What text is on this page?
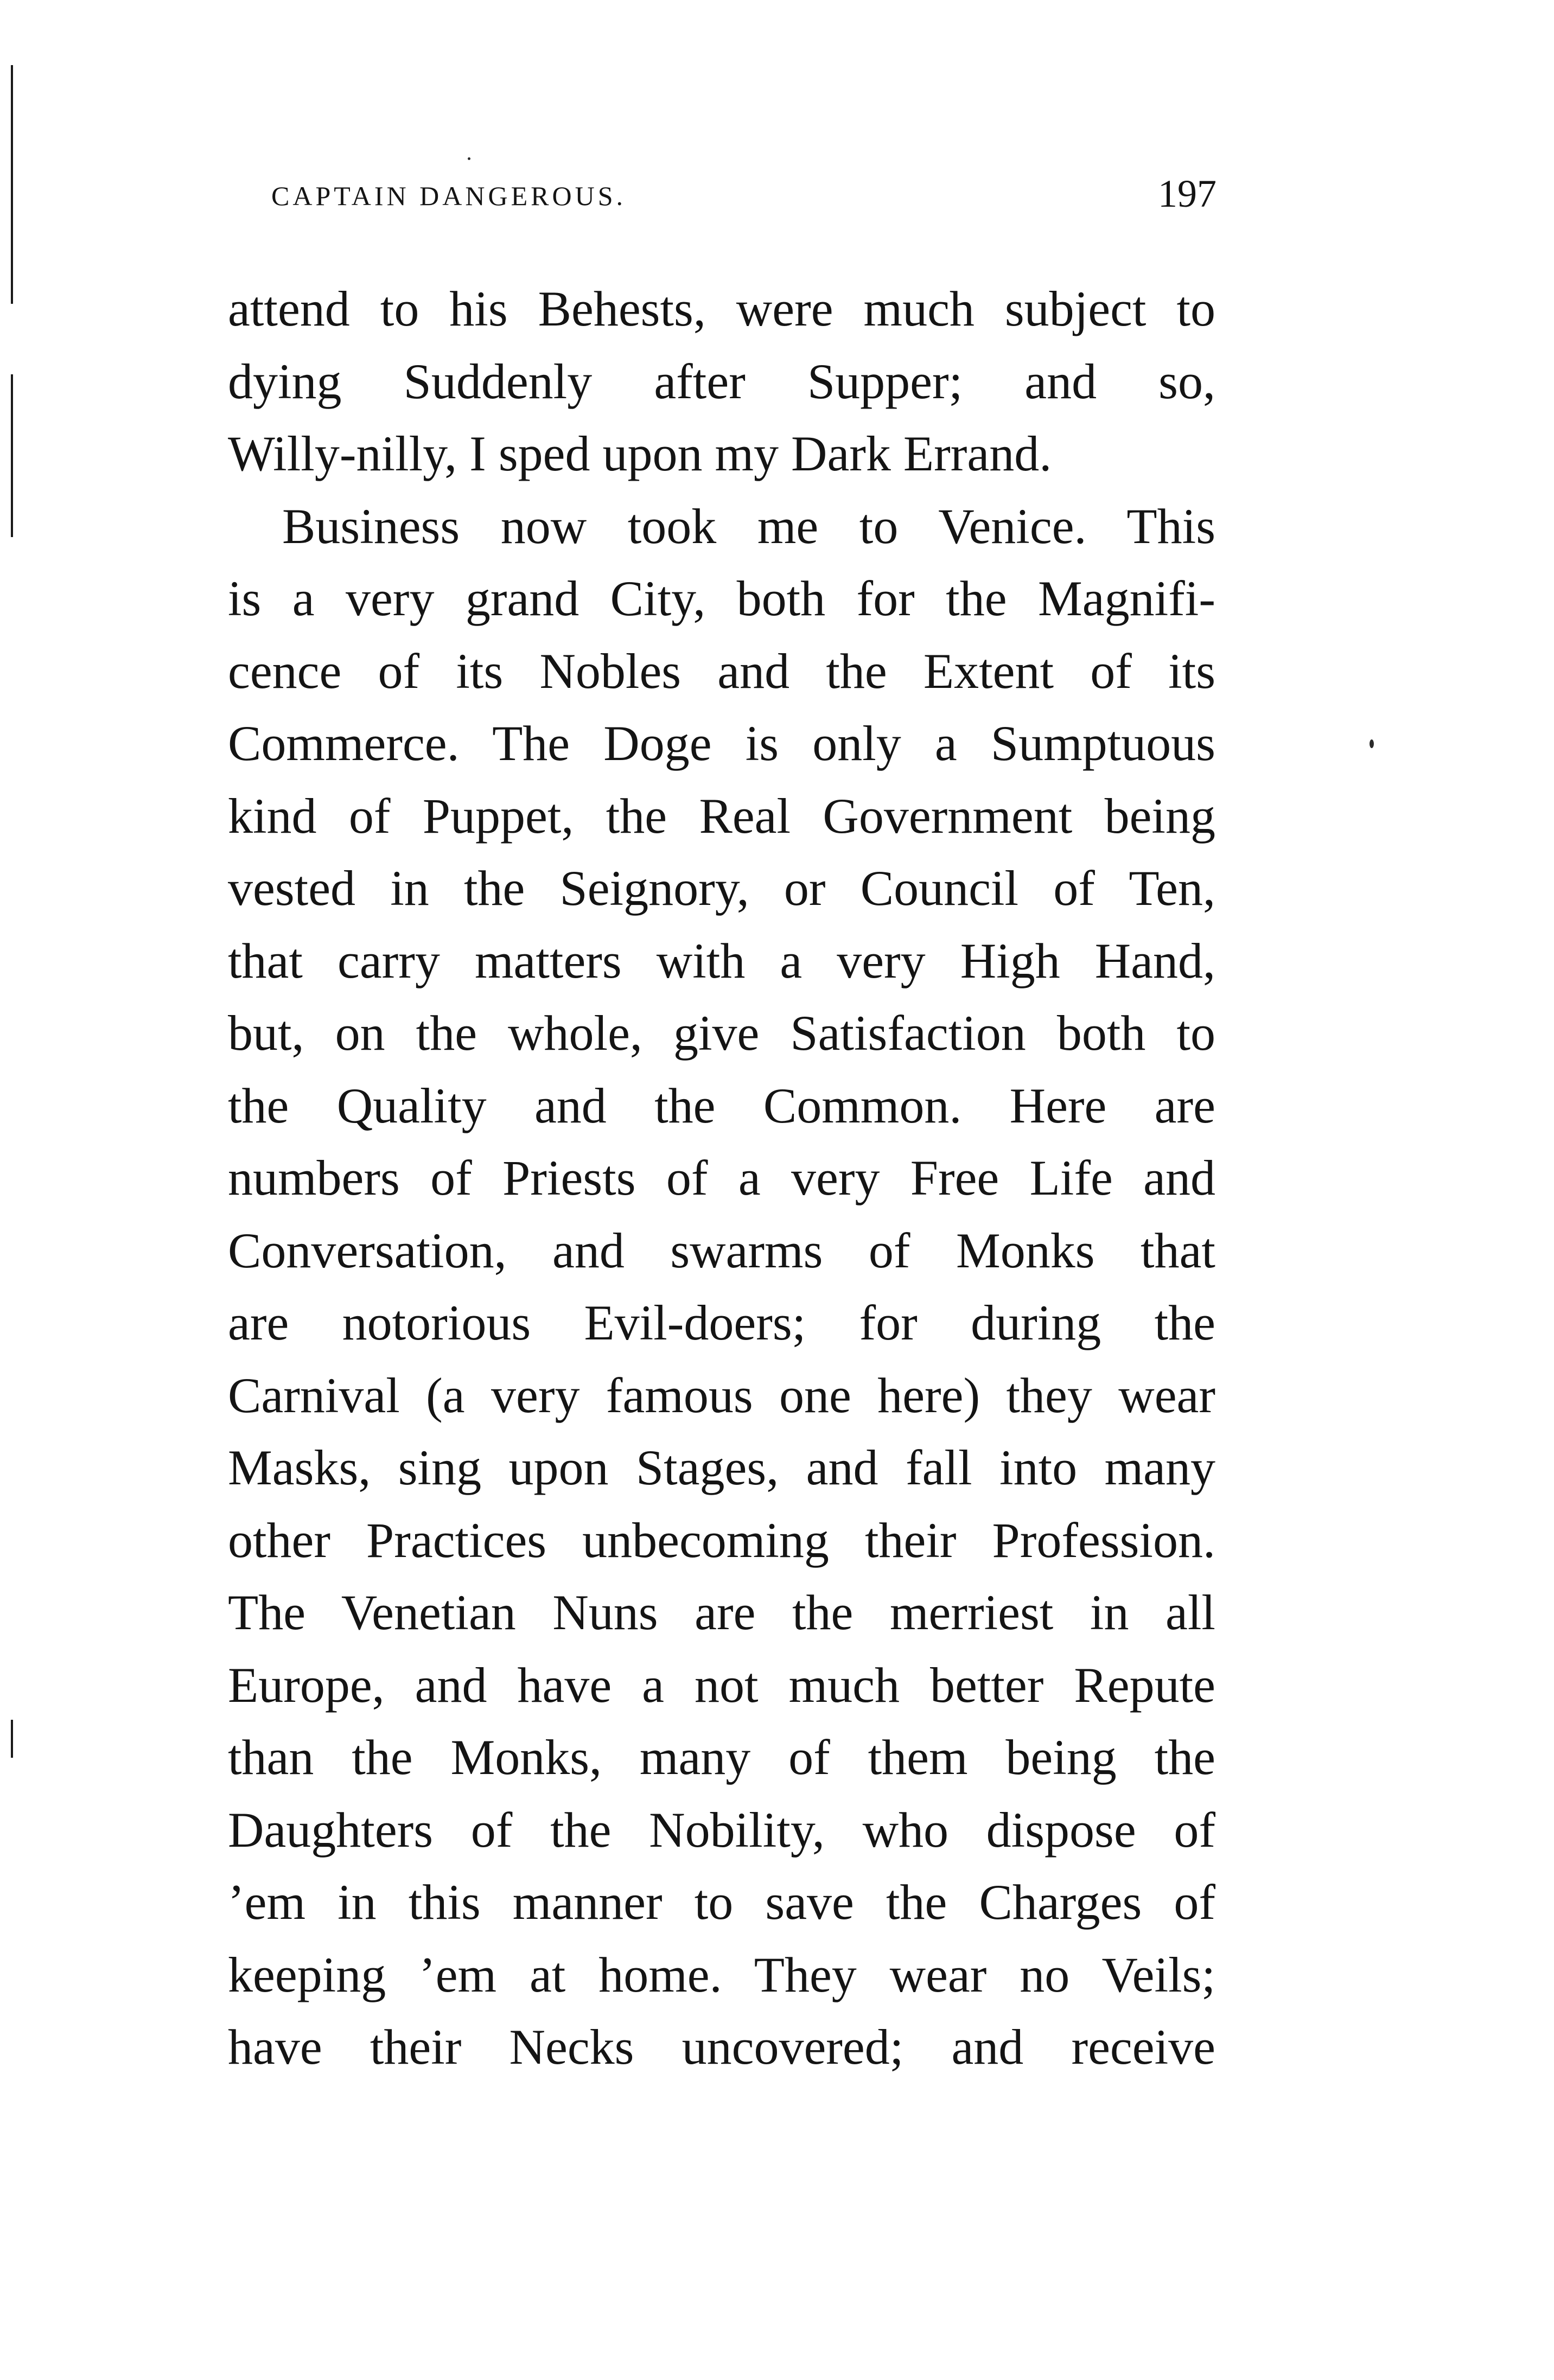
CAPTAIN DANGEROUS.	197
attend to his Behests, were much subject to
dying Suddenly after Supper; and so,
Willy-nilly, I sped upon my Dark Errand.
Business now took me to Venice. This
is a very grand City, both for the Magnifi-
cence of its Nobles and the Extent of its
Commerce. The Doge is only a Sumptuous
kind of Puppet, the Real Government being
vested in the Seignory, or Council of Ten,
that carry matters with a very High Hand,
but, on the whole, give Satisfaction both to
the Quality and the Common. Here are
numbers of Priests of a very Free Life and
Conversation, and swarms of Monks that
are notorious Evil-doers; for during the
Carnival (a very famous one here) they wear
Masks, sing upon Stages, and fall into many
other Practices unbecoming their Profession.
The Venetian Nuns are the merriest in all
Europe, and have a not much better Repute
than the Monks, many of them being the
Daughters of the Nobility, who dispose of
’em in this manner to save the Charges of
keeping ’em at home. They wear no Veils;
have their Necks uncovered; and receive
